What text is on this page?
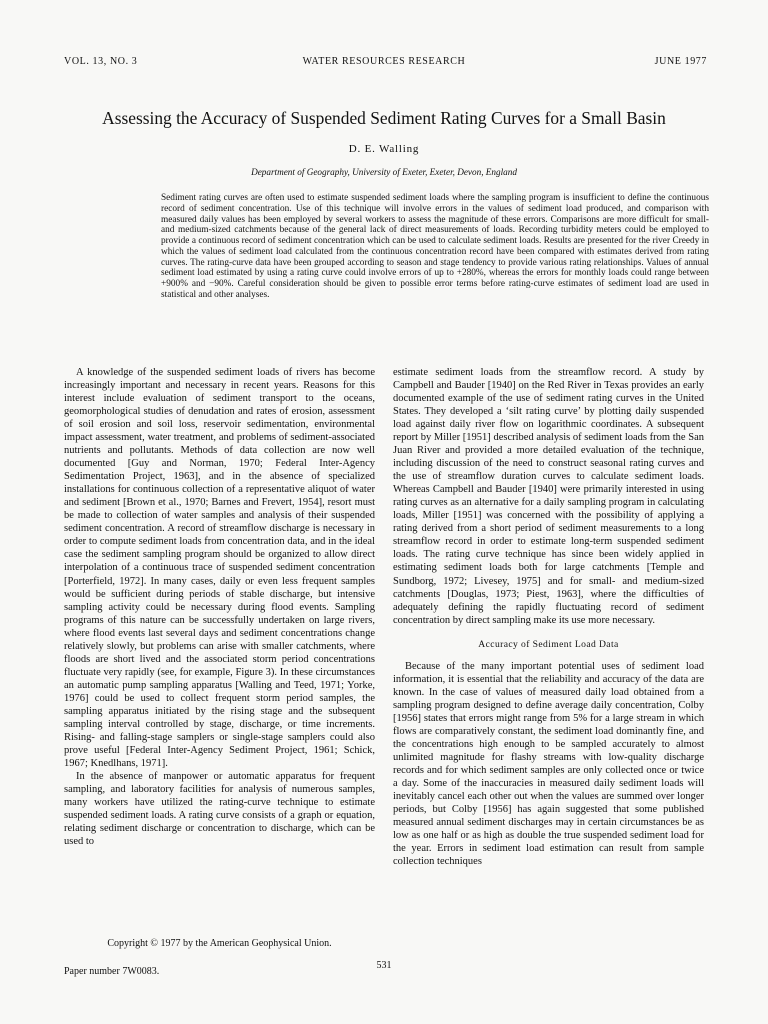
VOL. 13, NO. 3	WATER RESOURCES RESEARCH	JUNE 1977
Assessing the Accuracy of Suspended Sediment Rating Curves for a Small Basin
D. E. Walling
Department of Geography, University of Exeter, Exeter, Devon, England

Sediment rating curves are often used to estimate suspended sediment loads where the sampling program is insufficient to define the continuous record of sediment concentration. Use of this technique will involve errors in the values of sediment load produced, and comparison with measured daily values has been employed by several workers to assess the magnitude of these errors. Comparisons are more difficult for small- and medium-sized catchments because of the general lack of direct measurements of loads. Recording turbidity meters could be employed to provide a continuous record of sediment concentration which can be used to calculate sediment loads. Results are presented for the river Creedy in which the values of sediment load calculated from the continuous concentration record have been compared with estimates derived from rating curves. The rating-curve data have been grouped according to season and stage tendency to provide various rating relationships. Values of annual sediment load estimated by using a rating curve could involve errors of up to +280%, whereas the errors for monthly loads could range between +900% and −90%. Careful consideration should be given to possible error terms before rating-curve estimates of sediment load are used in statistical and other analyses.

A knowledge of the suspended sediment loads of rivers has become increasingly important and necessary in recent years. Reasons for this interest include evaluation of sediment transport to the oceans, geomorphological studies of denudation and rates of erosion, assessment of soil erosion and soil loss, reservoir sedimentation, environmental impact assessment, water treatment, and problems of sediment-associated nutrients and pollutants. Methods of data collection are now well documented [Guy and Norman, 1970; Federal Inter-Agency Sedimentation Project, 1963], and in the absence of specialized installations for continuous collection of a representative aliquot of water and sediment [Brown et al., 1970; Barnes and Frevert, 1954], resort must be made to collection of water samples and analysis of their suspended sediment concentration. A record of streamflow discharge is necessary in order to compute sediment loads from concentration data, and in the ideal case the sediment sampling program should be organized to allow direct interpolation of a continuous trace of suspended sediment concentration [Porterfield, 1972]. In many cases, daily or even less frequent samples would be sufficient during periods of stable discharge, but intensive sampling activity could be necessary during flood events. Sampling programs of this nature can be successfully undertaken on large rivers, where flood events last several days and sediment concentrations change relatively slowly, but problems can arise with smaller catchments, where floods are short lived and the associated storm period concentrations fluctuate very rapidly (see, for example, Figure 3). In these circumstances an automatic pump sampling apparatus [Walling and Teed, 1971; Yorke, 1976] could be used to collect frequent storm period samples, the sampling apparatus initiated by the rising stage and the subsequent sampling interval controlled by stage, discharge, or time increments. Rising- and falling-stage samplers or single-stage samplers could also prove useful [Federal Inter-Agency Sediment Project, 1961; Schick, 1967; Knedlhans, 1971].

In the absence of manpower or automatic apparatus for frequent sampling, and laboratory facilities for analysis of numerous samples, many workers have utilized the rating-curve technique to estimate suspended sediment loads. A rating curve consists of a graph or equation, relating sediment discharge or concentration to discharge, which can be used to

estimate sediment loads from the streamflow record. A study by Campbell and Bauder [1940] on the Red River in Texas provides an early documented example of the use of sediment rating curves in the United States. They developed a ‘silt rating curve’ by plotting daily suspended load against daily river flow on logarithmic coordinates. A subsequent report by Miller [1951] described analysis of sediment loads from the San Juan River and provided a more detailed evaluation of the technique, including discussion of the need to construct seasonal rating curves and the use of streamflow duration curves to calculate sediment loads. Whereas Campbell and Bauder [1940] were primarily interested in using rating curves as an alternative for a daily sampling program in calculating loads, Miller [1951] was concerned with the possibility of applying a rating derived from a short period of sediment measurements to a long streamflow record in order to estimate long-term suspended sediment loads. The rating curve technique has since been widely applied in estimating sediment loads both for large catchments [Temple and Sundborg, 1972; Livesey, 1975] and for small- and medium-sized catchments [Douglas, 1973; Piest, 1963], where the difficulties of adequately defining the rapidly fluctuating record of sediment concentration by direct sampling make its use more necessary.

Accuracy of Sediment Load Data

Because of the many important potential uses of sediment load information, it is essential that the reliability and accuracy of the data are known. In the case of values of measured daily load obtained from a sampling program designed to define average daily concentration, Colby [1956] states that errors might range from 5% for a large stream in which flows are comparatively constant, the sediment load dominantly fine, and the concentrations high enough to be sampled accurately to almost unlimited magnitude for flashy streams with low-quality discharge records and for which sediment samples are only collected once or twice a day. Some of the inaccuracies in measured daily sediment loads will inevitably cancel each other out when the values are summed over longer periods, but Colby [1956] has again suggested that some published measured annual sediment discharges may in certain circumstances be as low as one half or as high as double the true suspended sediment load for the year. Errors in sediment load estimation can result from sample collection techniques

Copyright © 1977 by the American Geophysical Union.
Paper number 7W0083.
531
